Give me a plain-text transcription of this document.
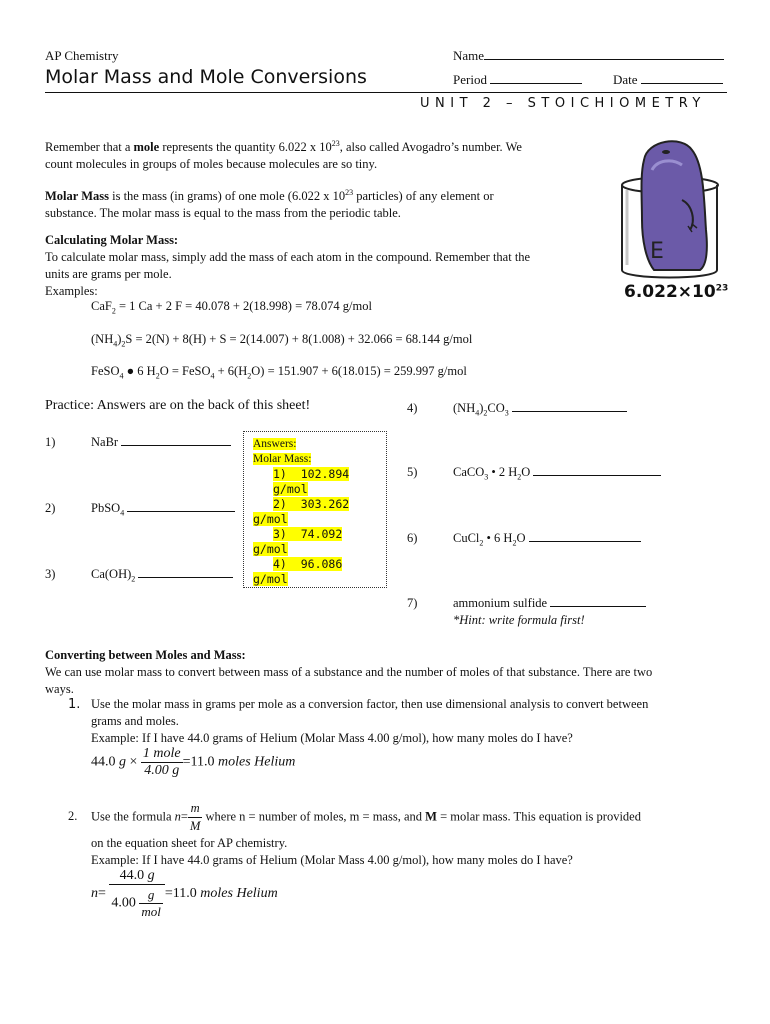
AP Chemistry
Molar Mass and Mole Conversions
Name
Period	Date
UNIT 2 – STOICHIOMETRY
Remember that a mole represents the quantity 6.022 x $10^{23}$, also called Avogadro’s number. We
count molecules in groups of moles because molecules are so tiny.
Molar Mass is the mass (in grams) of one mole (6.022 x $10^{23}$ particles) of any element or
substance. The molar mass is equal to the mass from the periodic table.
E
$6.022\times 10^{23}$
Calculating Molar Mass:
To calculate molar mass, simply add the mass of each atom in the compound. Remember that the
units are grams per mole.
Examples:
CaF$_2$ = 1 Ca + 2 F = 40.078 + 2(18.998) = 78.074 g/mol
$(NH_4)_2S = 2(N) + 8(H) + S = 2(14.007) + 8(1.008) + 32.066 = 68.144$ g/mol
FeSO$_4$ ● 6 $H_2O$ = FeSO$_4$ + $6(H_2O) = 151.907 + 6(18.015) = 259.997$ g/mol
Practice: Answers are on the back of this sheet!
1)	NaBr
2)	PbSO$_4$
3)	$Ca(OH)_2$
4)	$(NH_4)_2CO_3$
5)	CaCO$_3$ • 2 $H_2O$
6)	CuCl$_2$ • 6 $H_2O$
7)	ammonium sulfide
*Hint: write formula first!
Answers:
Molar Mass:

1) 102.894
g/mol
2) 303.262
g/mol
3) 74.092
g/mol
4) 96.086
g/mol
Converting between Moles and Mass:
We can use molar mass to convert between mass of a substance and the number of moles of that substance. There are two
ways.
1. Use the molar mass in grams per mole as a conversion factor, then use dimensional analysis to convert between
grams and moles.
Example: If I have 44.0 grams of Helium (Molar Mass 4.00 g/mol), how many moles do I have?
44.0 $g \times \frac{\text{1 mole}}{4.00 g} =11.0$ moles Helium
2. Use the formula $n= \frac{m}{M}$ where n = number of moles, m = mass, and M = molar mass. This equation is provided
on the equation sheet for AP chemistry.
Example: If I have 44.0 grams of Helium (Molar Mass 4.00 g/mol), how many moles do I have?
$n= \frac{44.0 g}{4.00 \frac{g}{\text{mol}}} =11.0$ moles Helium
